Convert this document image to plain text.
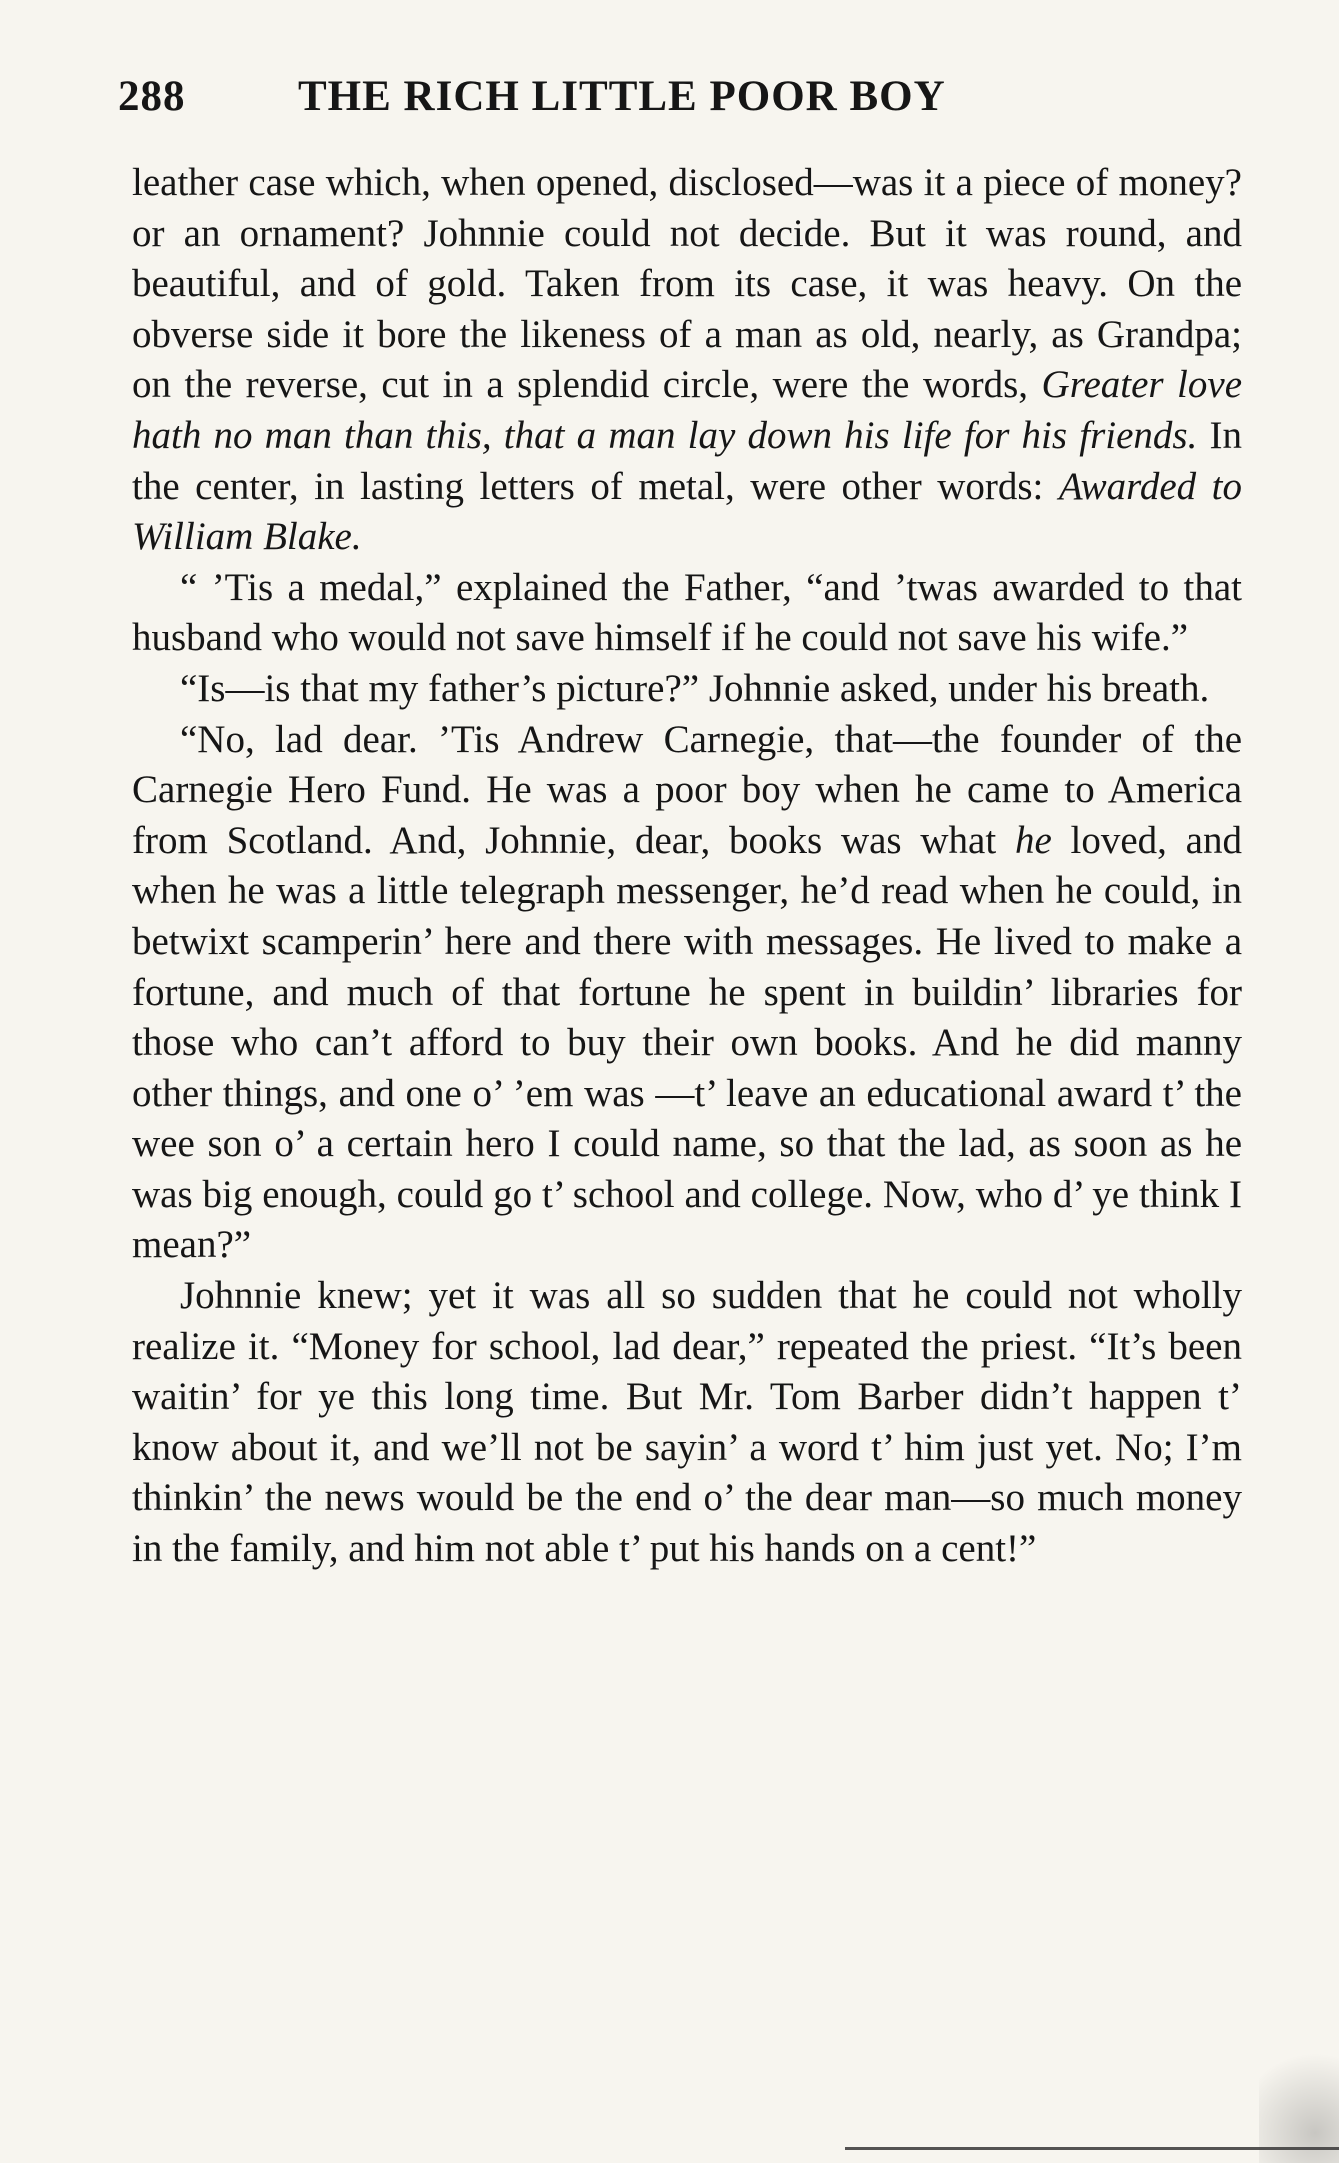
288	THE RICH LITTLE POOR BOY

leather case which, when opened, disclosed—was it a piece of money? or an ornament? Johnnie could not decide. But it was round, and beautiful, and of gold. Taken from its case, it was heavy. On the obverse side it bore the likeness of a man as old, nearly, as Grandpa; on the reverse, cut in a splendid circle, were the words, Greater love hath no man than this, that a man lay down his life for his friends. In the center, in lasting letters of metal, were other words: Awarded to William Blake.

“ ’Tis a medal,” explained the Father, “and ’twas awarded to that husband who would not save himself if he could not save his wife.”

“Is—is that my father’s picture?” Johnnie asked, under his breath.

“No, lad dear. ’Tis Andrew Carnegie, that—the founder of the Carnegie Hero Fund. He was a poor boy when he came to America from Scotland. And, Johnnie, dear, books was what he loved, and when he was a little telegraph messenger, he’d read when he could, in betwixt scamperin’ here and there with messages. He lived to make a fortune, and much of that fortune he spent in buildin’ libraries for those who can’t afford to buy their own books. And he did manny other things, and one o’ ’em was —t’ leave an educational award t’ the wee son o’ a certain hero I could name, so that the lad, as soon as he was big enough, could go t’ school and college. Now, who d’ ye think I mean?”

Johnnie knew; yet it was all so sudden that he could not wholly realize it. “Money for school, lad dear,” repeated the priest. “It’s been waitin’ for ye this long time. But Mr. Tom Barber didn’t happen t’ know about it, and we’ll not be sayin’ a word t’ him just yet. No; I’m thinkin’ the news would be the end o’ the dear man—so much money in the family, and him not able t’ put his hands on a cent!”
